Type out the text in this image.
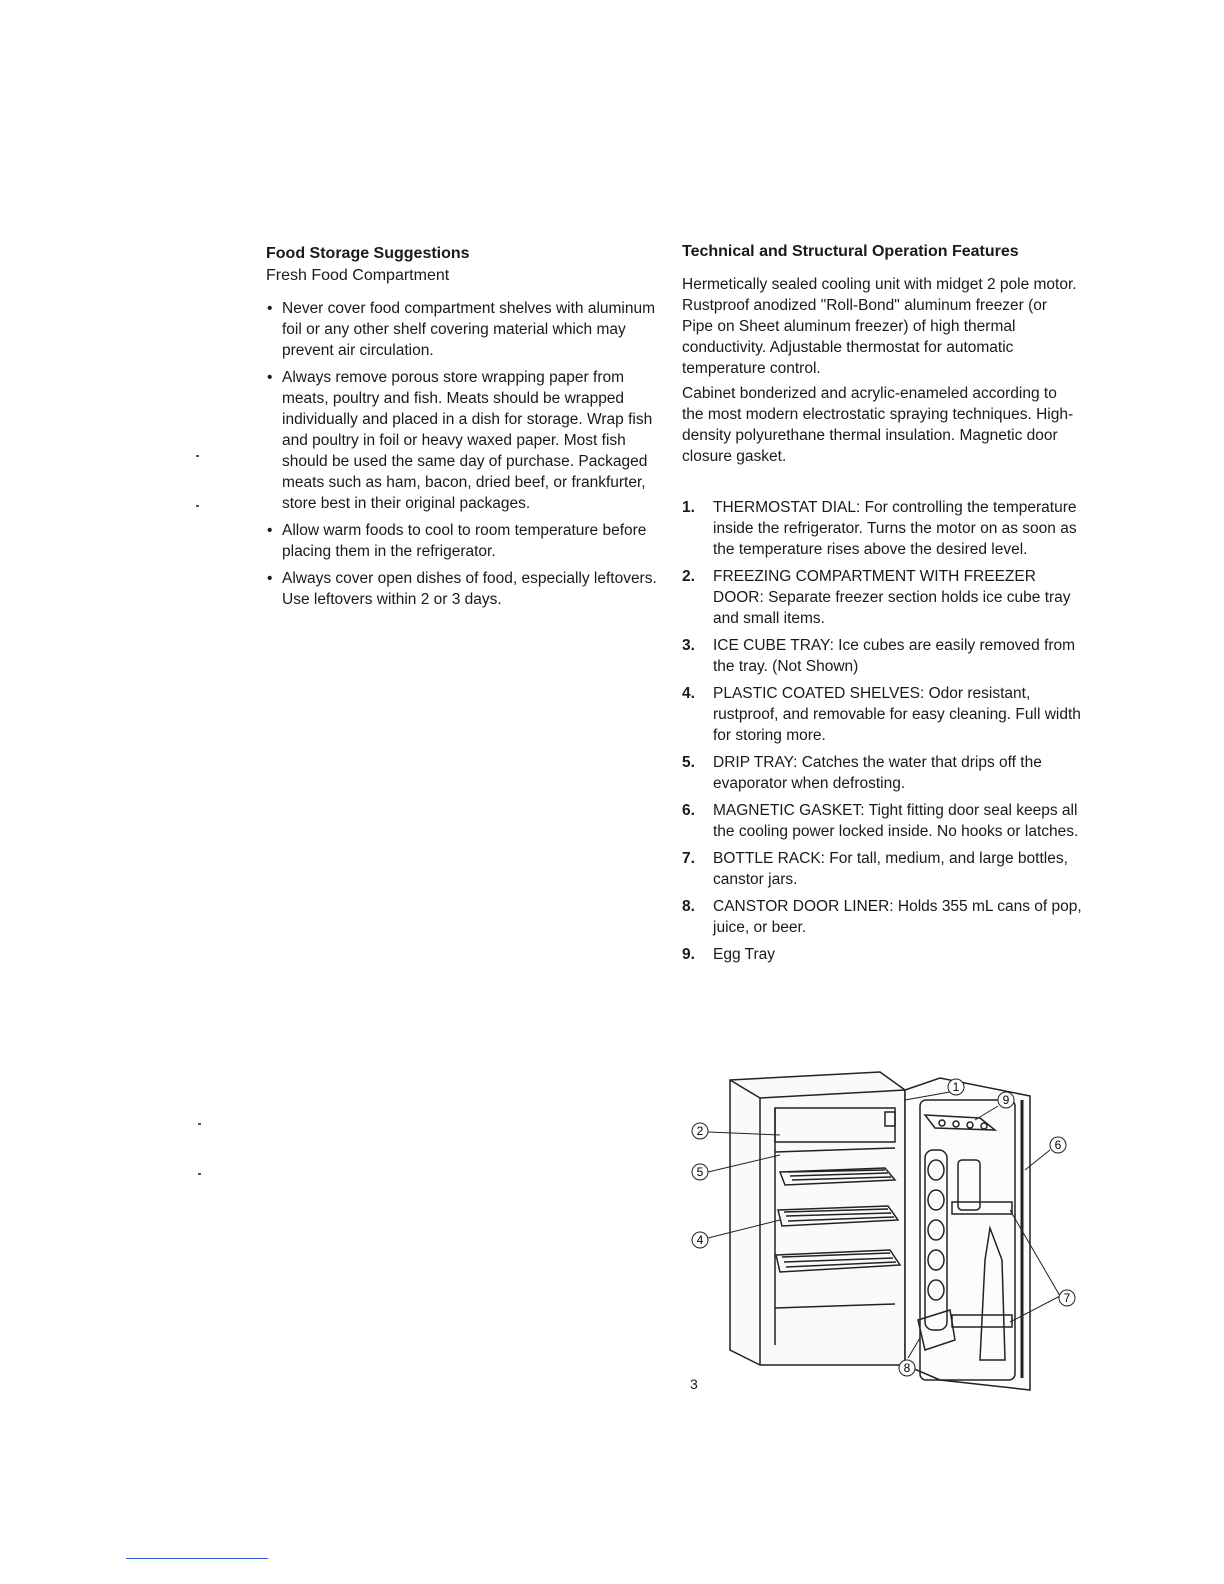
Food Storage Suggestions

Fresh Food Compartment

• Never cover food compartment shelves with aluminum foil or any other shelf covering material which may prevent air circulation.
• Always remove porous store wrapping paper from meats, poultry and fish. Meats should be wrapped individually and placed in a dish for storage. Wrap fish and poultry in foil or heavy waxed paper. Most fish should be used the same day of purchase. Packaged meats such as ham, bacon, dried beef, or frankfurter, store best in their original packages.
• Allow warm foods to cool to room temperature before placing them in the refrigerator.
• Always cover open dishes of food, especially leftovers. Use leftovers within 2 or 3 days.

Technical and Structural Operation Features

Hermetically sealed cooling unit with midget 2 pole motor. Rustproof anodized "Roll-Bond" aluminum freezer (or Pipe on Sheet aluminum freezer) of high thermal conductivity. Adjustable thermostat for automatic temperature control.

Cabinet bonderized and acrylic-enameled according to the most modern electrostatic spraying techniques. High-density polyurethane thermal insulation. Magnetic door closure gasket.

1. THERMOSTAT DIAL: For controlling the temperature inside the refrigerator. Turns the motor on as soon as the temperature rises above the desired level.
2. FREEZING COMPARTMENT WITH FREEZER DOOR: Separate freezer section holds ice cube tray and small items.
3. ICE CUBE TRAY: Ice cubes are easily removed from the tray. (Not Shown)
4. PLASTIC COATED SHELVES: Odor resistant, rustproof, and removable for easy cleaning. Full width for storing more.
5. DRIP TRAY: Catches the water that drips off the evaporator when defrosting.
6. MAGNETIC GASKET: Tight fitting door seal keeps all the cooling power locked inside. No hooks or latches.
7. BOTTLE RACK: For tall, medium, and large bottles, canstor jars.
8. CANSTOR DOOR LINER: Holds 355 mL cans of pop, juice, or beer.
9. Egg Tray
2
5
4
1
9
6
7
8
3
